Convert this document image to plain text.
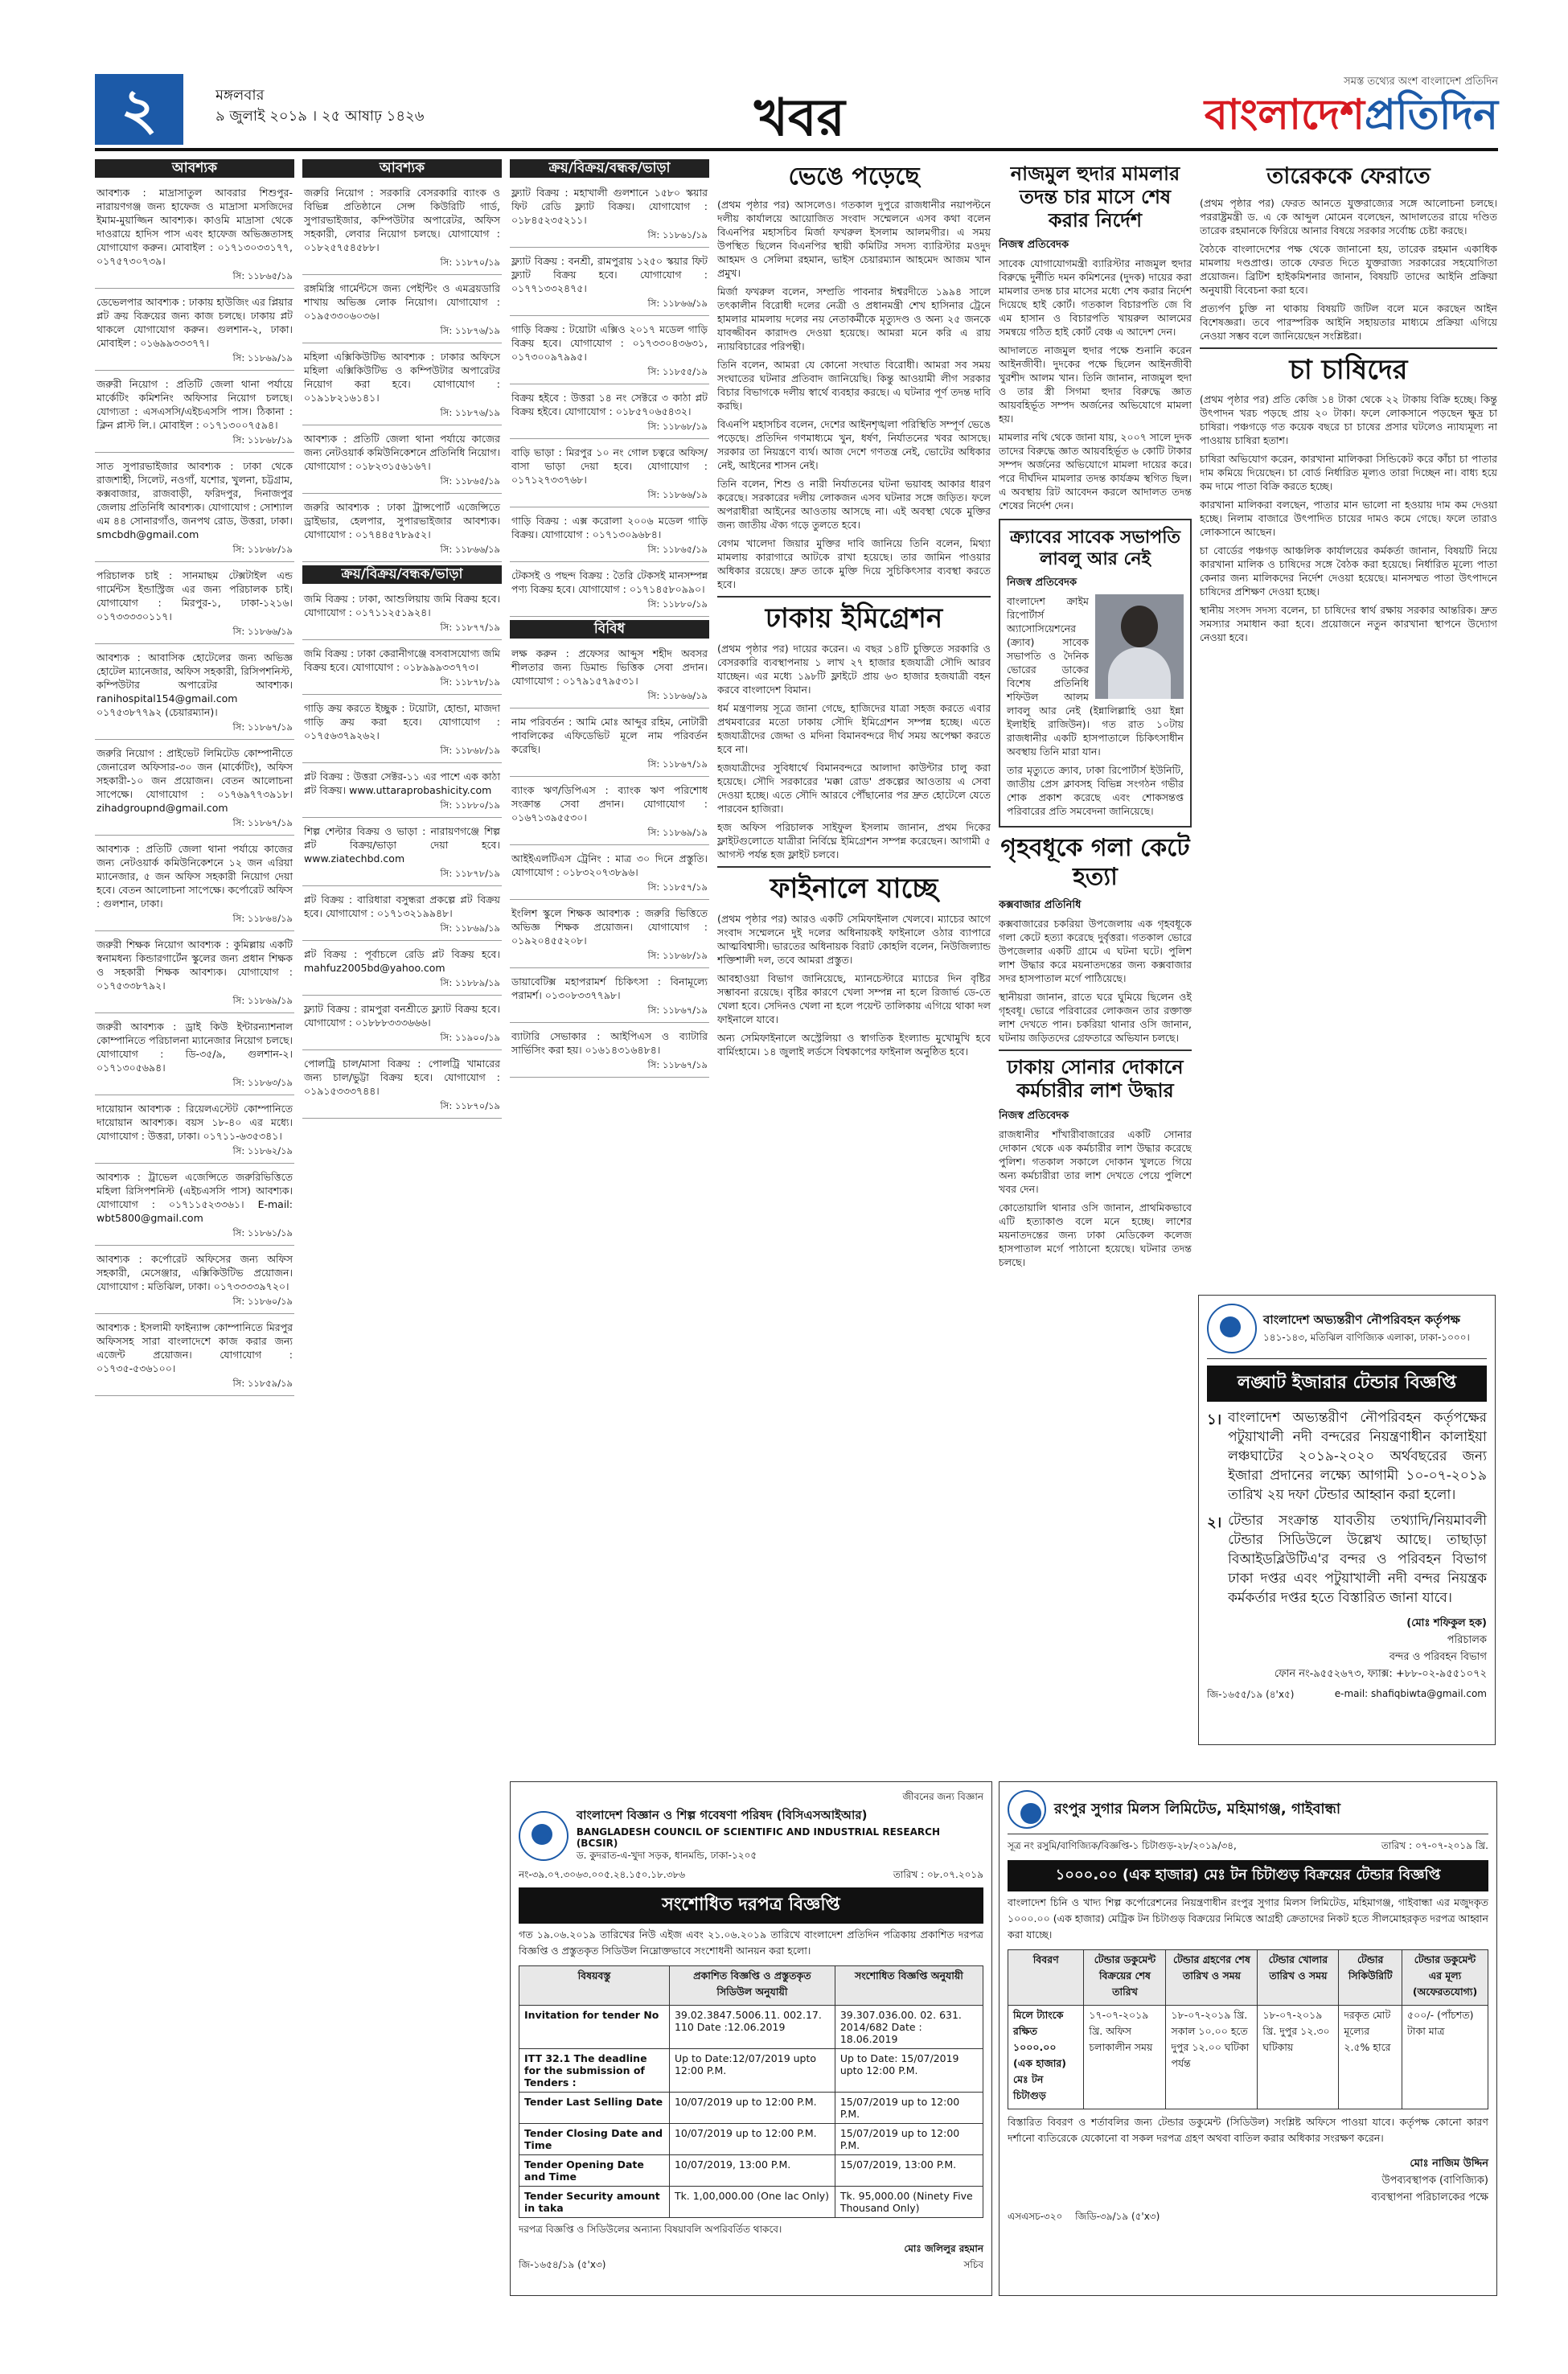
২	মঙ্গলবার
৯ জুলাই ২০১৯ । ২৫ আষাঢ় ১৪২৬	খবর
সমস্ত তথ্যের অংশ বাংলাদেশ প্রতিদিন
বাংলাদেশপ্রতিদিন
আবশ্যক

আবশ্যক : মাদ্রাসাতুল আবরার শিশুপুর-নারায়ণগঞ্জ জন্য হাফেজ ও মাদ্রাসা মসজিদের ইমাম-মুয়াজ্জিন আবশ্যক। কাওমি মাদ্রাসা থেকে দাওরায়ে হাদিস পাস এবং হাফেজ অভিজ্ঞতাসহ যোগাযোগ করুন। মোবাইল : ০১৭১৩০৩৩১৭৭, ০১৭৫৭৩০৭৩৯।

সি: ১১৮৬৫/১৯

ডেভেলপার আবশ্যক : ঢাকায় হাউজিং এর প্লিয়ার প্লট ক্রয় বিক্রয়ের জন্য কাজ চলছে। ঢাকায় প্লট থাকলে যোগাযোগ করুন। গুলশান-২, ঢাকা। মোবাইল : ০১৬৯৯৩৩৩৭৭।

সি: ১১৮৬৯/১৯

জরুরী নিয়োগ : প্রতিটি জেলা থানা পর্যায়ে মার্কেটিং কমিশনিং অফিসার নিয়োগ চলছে। যোগ্যতা : এসএসসি/এইচএসসি পাস। ঠিকানা : ক্লিন প্লাস্ট লি.। মোবাইল : ০১৭১৩০০৭৫৯৪।

সি: ১১৮৬৮/১৯

সাত সুপারভাইজার আবশ্যক : ঢাকা থেকে রাজশাহী, সিলেট, নওগাঁ, যশোর, খুলনা, চট্টগ্রাম, কক্সবাজার, রাজবাড়ী, ফরিদপুর, দিনাজপুর জেলায় প্রতিনিধি আবশ্যক। যোগাযোগ : সোশ্যাল এম ৪৪ সোনারগাঁও, জনপথ রোড, উত্তরা, ঢাকা। smcbdh@gmail.com

সি: ১১৮৬৮/১৯

পরিচালক চাই : সানমাছম টেক্সটাইল এন্ড গার্মেন্টস ইন্ডাস্ট্রিজ এর জন্য পরিচালক চাই। যোগাযোগ : মিরপুর-১, ঢাকা-১২১৬। ০১৭৩৩৩৩০১১৭।

সি: ১১৮৬৬/১৯

আবশ্যক : আবাসিক হোটেলের জন্য অভিজ্ঞ হোটেল ম্যানেজার, অফিস সহকারী, রিসিপশনিস্ট, কম্পিউটার অপারেটর আবশ্যক। ranihospital154@gmail.com ০১৭৫৩৮৭৭৯২ (চেয়ারম্যান)।

সি: ১১৮৬৭/১৯

জরুরি নিয়োগ : প্রাইভেট লিমিটেড কোম্পানীতে জেনারেল অফিসার-৩০ জন (মার্কেটিং), অফিস সহকারী-১০ জন প্রয়োজন। বেতন আলোচনা সাপেক্ষে। যোগাযোগ : ০১৭৬৯৭৭৩৯১৮। zihadgroupnd@gmail.com

সি: ১১৮৬৭/১৯

আবশ্যক : প্রতিটি জেলা থানা পর্যায়ে কাজের জন্য নেটওয়ার্ক কমিউনিকেশনে ১২ জন এরিয়া ম্যানেজার, ৫ জন অফিস সহকারী নিয়োগ দেয়া হবে। বেতন আলোচনা সাপেক্ষে। কর্পোরেট অফিস : গুলশান, ঢাকা।

সি: ১১৮৬৪/১৯

জরুরী শিক্ষক নিয়োগ আবশ্যক : কুমিল্লায় একটি স্বনামধন্য কিন্ডারগার্টেন স্কুলের জন্য প্রধান শিক্ষক ও সহকারী শিক্ষক আবশ্যক। যোগাযোগ : ০১৭৫৩৩৮৭৯২।

সি: ১১৮৬৯/১৯

জরুরী আবশ্যক : ড্রাই কিউ ইন্টারন্যাশনাল কোম্পানিতে পরিচালনা ম্যানেজার নিয়োগ চলছে। যোগাযোগ : ডি-৩৫/৯, গুলশান-২। ০১৭১৩০৫৬৯৪।

সি: ১১৮৬৩/১৯

দায়োয়ান আবশ্যক : রিয়েলএস্টেট কোম্পানিতে দায়োয়ান আবশ্যক। বয়স ১৮-৪০ এর মধ্যে। যোগাযোগ : উত্তরা, ঢাকা। ০১৭১১-৬৩৫৩৪১।

সি: ১১৮৬২/১৯

আবশ্যক : ট্রাভেল এজেন্সিতে জরুরিভিত্তিতে মহিলা রিসিপশনিস্ট (এইচএসসি পাস) আবশ্যক। যোগাযোগ : ০১৭১১৫২৩৩৬১। E-mail: wbt5800@gmail.com

সি: ১১৮৬১/১৯

আবশ্যক : কর্পোরেট অফিসের জন্য অফিস সহকারী, মেসেঞ্জার, এক্সিকিউটিভ প্রয়োজন। যোগাযোগ : মতিঝিল, ঢাকা। ০১৭৩৩৩৩৯৭২০।

সি: ১১৮৬০/১৯

আবশ্যক : ইসলামী ফাইন্যান্স কোম্পানিতে মিরপুর অফিসসহ সারা বাংলাদেশে কাজ করার জন্য এজেন্ট প্রয়োজন। যোগাযোগ : ০১৭৩৫-৫৩৬১০০।

সি: ১১৮৫৯/১৯
আবশ্যক

জরুরি নিয়োগ : সরকারি বেসরকারি ব্যাংক ও বিভিন্ন প্রতিষ্ঠানে সেন্স কিউরিটি গার্ড, সুপারভাইজার, কম্পিউটার অপারেটর, অফিস সহকারী, লেবার নিয়োগ চলছে। যোগাযোগ : ০১৮২৫৭৫৪৫৮৮।

সি: ১১৮৭০/১৯

রঙ্গমিস্ত্রি গার্মেন্টসে জন্য পেইন্টিং ও এমব্রয়ডারি শাখায় অভিজ্ঞ লোক নিয়োগ। যোগাযোগ : ০১৯৫৩৩০৬০৩৬।

সি: ১১৮৭৬/১৯

মহিলা এক্সিকিউটিভ আবশ্যক : ঢাকার অফিসে মহিলা এক্সিকিউটিভ ও কম্পিউটার অপারেটর নিয়োগ করা হবে। যোগাযোগ : ০১৯১৮২১৬১৪১।

সি: ১১৮৭৬/১৯

আবশ্যক : প্রতিটি জেলা থানা পর্যায়ে কাজের জন্য নেটওয়ার্ক কমিউনিকেশনে প্রতিনিধি নিয়োগ। যোগাযোগ : ০১৮২৩১৫৬১৬৭।

সি: ১১৮৬৫/১৯

জরুরি আবশ্যক : ঢাকা ট্রান্সপোর্ট এজেন্সিতে ড্রাইভার, হেলপার, সুপারভাইজার আবশ্যক। যোগাযোগ : ০১৭৪৪৫৭৮৯৫২।

সি: ১১৮৬৬/১৯
ক্রয়/বিক্রয়/বন্ধক/ভাড়া

জমি বিক্রয় : ঢাকা, আশুলিয়ায় জমি বিক্রয় হবে। যোগাযোগ : ০১৭১১২৫১৯২৪।

সি: ১১৮৭৭/১৯

জমি বিক্রয় : ঢাকা কেরানীগঞ্জে বসবাসযোগ্য জমি বিক্রয় হবে। যোগাযোগ : ০১৮৯৯৯৩৩৭৭৩।

সি: ১১৮৭৮/১৯

গাড়ি ক্রয় করতে ইচ্ছুক : টয়োটা, হোন্ডা, মাজদা গাড়ি ক্রয় করা হবে। যোগাযোগ : ০১৭৫৬৩৭৯২৬২।

সি: ১১৮৬৮/১৯

প্লট বিক্রয় : উত্তরা সেক্টর-১১ এর পাশে এক কাঠা প্লট বিক্রয়। www.uttaraprobashicity.com

সি: ১১৮৮০/১৯

শিল্প শেল্টার বিক্রয় ও ভাড়া : নারায়ণগঞ্জে শিল্প প্লট বিক্রয়/ভাড়া দেয়া হবে। www.ziatechbd.com

সি: ১১৮৭৮/১৯

প্লট বিক্রয় : বারিধারা বসুন্ধরা প্রকল্পে প্লট বিক্রয় হবে। যোগাযোগ : ০১৭১৩২১৯৯৪৮।

সি: ১১৮৬৯/১৯

প্লট বিক্রয় : পূর্বাচলে রেডি প্লট বিক্রয় হবে। mahfuz2005bd@yahoo.com

সি: ১১৮৮৯/১৯

ফ্ল্যাট বিক্রয় : রামপুরা বনশ্রীতে ফ্ল্যাট বিক্রয় হবে। যোগাযোগ : ০১৮৮৮৩৩৩৬৬৬।

সি: ১১৯০০/১৯

পোলট্রি চাল/মাসা বিক্রয় : পোলট্রি খামারের জন্য চাল/ভুট্টা বিক্রয় হবে। যোগাযোগ : ০১৯১৫৩৩৩৭৪৪।

সি: ১১৮৭০/১৯
ক্রয়/বিক্রয়/বন্ধক/ভাড়া

ফ্ল্যাট বিক্রয় : মহাখালী গুলশানে ১৫৮০ স্কয়ার ফিট রেডি ফ্ল্যাট বিক্রয়। যোগাযোগ : ০১৮৪৫২৩৫২১১।

সি: ১১৮৬১/১৯

ফ্ল্যাট বিক্রয় : বনশ্রী, রামপুরায় ১২৫০ স্কয়ার ফিট ফ্ল্যাট বিক্রয় হবে। যোগাযোগ : ০১৭৭১৩৩২৪৭৫।

সি: ১১৮৬৬/১৯

গাড়ি বিক্রয় : টয়োটা এক্সিও ২০১৭ মডেল গাড়ি বিক্রয় হবে। যোগাযোগ : ০১৭৩৩০৪৩৬৩১, ০১৭৩০০৯৭৯৯৫।

সি: ১১৮৫৫/১৯

বিক্রয় হইবে : উত্তরা ১৪ নং সেক্টরে ৩ কাঠা প্লট বিক্রয় হইবে। যোগাযোগ : ০১৮৫৭০৬৫৪৩২।

সি: ১১৮৬৮/১৯

বাড়ি ভাড়া : মিরপুর ১০ নং গোল চত্বরে অফিস/বাসা ভাড়া দেয়া হবে। যোগাযোগ : ০১৭১২৭৩৩৭৬৮।

সি: ১১৮৬৬/১৯

গাড়ি বিক্রয় : এক্স করোলা ২০০৬ মডেল গাড়ি বিক্রয়। যোগাযোগ : ০১৭১৩০৯৬৮৪।

সি: ১১৮৬৫/১৯

টেকসই ও পছন্দ বিক্রয় : তৈরি টেকসই মানসম্পন্ন পণ্য বিক্রয় হবে। যোগাযোগ : ০১৭১৪৫৮০৯৯০।

সি: ১১৮৮০/১৯
বিবিধ

লক্ষ করুন : প্রফেসর আব্দুস শহীদ অবসর শীলতার জন্য ডিমান্ড ভিত্তিক সেবা প্রদান। যোগাযোগ : ০১৭৯১৫৭৯৫৩১।

সি: ১১৮৬৬/১৯

নাম পরিবর্তন : আমি মোঃ আব্দুর রহিম, নোটারী পাবলিকের এফিডেভিট মূলে নাম পরিবর্তন করেছি।

সি: ১১৮৬৭/১৯

ব্যাংক ঋণ/ডিপিএস : ব্যাংক ঋণ পরিশোধ সংক্রান্ত সেবা প্রদান। যোগাযোগ : ০১৬৭১৩৯৫৫৩০।

সি: ১১৮৬৯/১৯

আইইএলটিএস ট্রেনিং : মাত্র ৩০ দিনে প্রস্তুতি। যোগাযোগ : ০১৮৩২০৭৩৮৯৬।

সি: ১১৮৫৭/১৯

ইংলিশ স্কুলে শিক্ষক আবশ্যক : জরুরি ভিত্তিতে অভিজ্ঞ শিক্ষক প্রয়োজন। যোগাযোগ : ০১৯২০৪৫৫২০৮।

সি: ১১৮৬৮/১৯

ডায়াবেটিক্স মহাপরামর্শ চিকিৎসা : বিনামূল্যে পরামর্শ। ০১৩০৮৩৩৭৭৯৮।

সি: ১১৮৬৭/১৯

ব্যাটারি সেভাকার : আইপিএস ও ব্যাটারি সার্ভিসিং করা হয়। ০১৬১৪৩১৬৪৮৪।

সি: ১১৮৬৭/১৯
ভেঙে পড়েছে

(প্রথম পৃষ্ঠার পর) আসলেও। গতকাল দুপুরে রাজধানীর নয়াপল্টনে দলীয় কার্যালয়ে আয়োজিত সংবাদ সম্মেলনে এসব কথা বলেন বিএনপির মহাসচিব মির্জা ফখরুল ইসলাম আলমগীর। এ সময় উপস্থিত ছিলেন বিএনপির স্থায়ী কমিটির সদস্য ব্যারিস্টার মওদুদ আহমদ ও সেলিমা রহমান, ভাইস চেয়ারম্যান আহমেদ আজম খান প্রমুখ।

মির্জা ফখরুল বলেন, সম্প্রতি পাবনার ঈশ্বরদীতে ১৯৯৪ সালে তৎকালীন বিরোধী দলের নেত্রী ও প্রধানমন্ত্রী শেখ হাসিনার ট্রেনে হামলার মামলায় দলের নয় নেতাকর্মীকে মৃত্যুদণ্ড ও অন্য ২৫ জনকে যাবজ্জীবন কারাদণ্ড দেওয়া হয়েছে। আমরা মনে করি এ রায় ন্যায়বিচারের পরিপন্থী।

তিনি বলেন, আমরা যে কোনো সংঘাত বিরোধী। আমরা সব সময় সংঘাতের ঘটনার প্রতিবাদ জানিয়েছি। কিন্তু আওয়ামী লীগ সরকার বিচার বিভাগকে দলীয় স্বার্থে ব্যবহার করছে। এ ঘটনার পূর্ণ তদন্ত দাবি করছি।

বিএনপি মহাসচিব বলেন, দেশের আইনশৃঙ্খলা পরিস্থিতি সম্পূর্ণ ভেঙে পড়েছে। প্রতিদিন গণমাধ্যমে খুন, ধর্ষণ, নির্যাতনের খবর আসছে। সরকার তা নিয়ন্ত্রণে ব্যর্থ। আজ দেশে গণতন্ত্র নেই, ভোটের অধিকার নেই, আইনের শাসন নেই।

তিনি বলেন, শিশু ও নারী নির্যাতনের ঘটনা ভয়াবহ আকার ধারণ করেছে। সরকারের দলীয় লোকজন এসব ঘটনার সঙ্গে জড়িত। ফলে অপরাধীরা আইনের আওতায় আসছে না। এই অবস্থা থেকে মুক্তির জন্য জাতীয় ঐক্য গড়ে তুলতে হবে।

বেগম খালেদা জিয়ার মুক্তির দাবি জানিয়ে তিনি বলেন, মিথ্যা মামলায় কারাগারে আটকে রাখা হয়েছে। তার জামিন পাওয়ার অধিকার রয়েছে। দ্রুত তাকে মুক্তি দিয়ে সুচিকিৎসার ব্যবস্থা করতে হবে।

ঢাকায় ইমিগ্রেশন

(প্রথম পৃষ্ঠার পর) দায়ের করেন। এ বছর ১৪টি চুক্তিতে সরকারি ও বেসরকারি ব্যবস্থাপনায় ১ লাখ ২৭ হাজার হজযাত্রী সৌদি আরব যাচ্ছেন। এর মধ্যে ১৯৮টি ফ্লাইটে প্রায় ৬৩ হাজার হজযাত্রী বহন করবে বাংলাদেশ বিমান।

ধর্ম মন্ত্রণালয় সূত্রে জানা গেছে, হাজিদের যাত্রা সহজ করতে এবার প্রথমবারের মতো ঢাকায় সৌদি ইমিগ্রেশন সম্পন্ন হচ্ছে। এতে হজযাত্রীদের জেদ্দা ও মদিনা বিমানবন্দরে দীর্ঘ সময় অপেক্ষা করতে হবে না।

হজযাত্রীদের সুবিধার্থে বিমানবন্দরে আলাদা কাউন্টার চালু করা হয়েছে। সৌদি সরকারের 'মক্কা রোড' প্রকল্পের আওতায় এ সেবা দেওয়া হচ্ছে। এতে সৌদি আরবে পৌঁছানোর পর দ্রুত হোটেলে যেতে পারবেন হাজিরা।

হজ অফিস পরিচালক সাইফুল ইসলাম জানান, প্রথম দিকের ফ্লাইটগুলোতে যাত্রীরা নির্বিঘ্নে ইমিগ্রেশন সম্পন্ন করেছেন। আগামী ৫ আগস্ট পর্যন্ত হজ ফ্লাইট চলবে।

ফাইনালে যাচ্ছে

(প্রথম পৃষ্ঠার পর) আরও একটি সেমিফাইনাল খেলবে। ম্যাচের আগে সংবাদ সম্মেলনে দুই দলের অধিনায়কই ফাইনালে ওঠার ব্যাপারে আত্মবিশ্বাসী। ভারতের অধিনায়ক বিরাট কোহলি বলেন, নিউজিল্যান্ড শক্তিশালী দল, তবে আমরা প্রস্তুত।

আবহাওয়া বিভাগ জানিয়েছে, ম্যানচেস্টারে ম্যাচের দিন বৃষ্টির সম্ভাবনা রয়েছে। বৃষ্টির কারণে খেলা সম্পন্ন না হলে রিজার্ভ ডে-তে খেলা হবে। সেদিনও খেলা না হলে পয়েন্ট তালিকায় এগিয়ে থাকা দল ফাইনালে যাবে।

অন্য সেমিফাইনালে অস্ট্রেলিয়া ও স্বাগতিক ইংল্যান্ড মুখোমুখি হবে বার্মিংহামে। ১৪ জুলাই লর্ডসে বিশ্বকাপের ফাইনাল অনুষ্ঠিত হবে।

নাজমুল হুদার মামলার তদন্ত চার মাসে শেষ করার নির্দেশ
নিজস্ব প্রতিবেদক

সাবেক যোগাযোগমন্ত্রী ব্যারিস্টার নাজমুল হুদার বিরুদ্ধে দুর্নীতি দমন কমিশনের (দুদক) দায়ের করা মামলার তদন্ত চার মাসের মধ্যে শেষ করার নির্দেশ দিয়েছে হাই কোর্ট। গতকাল বিচারপতি জে বি এম হাসান ও বিচারপতি খায়রুল আলমের সমন্বয়ে গঠিত হাই কোর্ট বেঞ্চ এ আদেশ দেন।

আদালতে নাজমুল হুদার পক্ষে শুনানি করেন আইনজীবী। দুদকের পক্ষে ছিলেন আইনজীবী খুরশীদ আলম খান। তিনি জানান, নাজমুল হুদা ও তার স্ত্রী সিগমা হুদার বিরুদ্ধে জ্ঞাত আয়বহির্ভূত সম্পদ অর্জনের অভিযোগে মামলা হয়।

মামলার নথি থেকে জানা যায়, ২০০৭ সালে দুদক তাদের বিরুদ্ধে জ্ঞাত আয়বহির্ভূত ৬ কোটি টাকার সম্পদ অর্জনের অভিযোগে মামলা দায়ের করে। পরে দীর্ঘদিন মামলার তদন্ত কার্যক্রম স্থগিত ছিল। এ অবস্থায় রিট আবেদন করলে আদালত তদন্ত শেষের নির্দেশ দেন।

ক্র্যাবের সাবেক সভাপতি লাবলু আর নেই
নিজস্ব প্রতিবেদক

বাংলাদেশ ক্রাইম রিপোর্টার্স অ্যাসোসিয়েশনের (ক্র্যাব) সাবেক সভাপতি ও দৈনিক ভোরের ডাকের বিশেষ প্রতিনিধি শফিউল আলম লাবলু আর নেই (ইন্নালিল্লাহি ওয়া ইন্না ইলাইহি রাজিউন)। গত রাত ১০টায় রাজধানীর একটি হাসপাতালে চিকিৎসাধীন অবস্থায় তিনি মারা যান।

তার মৃত্যুতে ক্র্যাব, ঢাকা রিপোর্টার্স ইউনিটি, জাতীয় প্রেস ক্লাবসহ বিভিন্ন সংগঠন গভীর শোক প্রকাশ করেছে এবং শোকসন্তপ্ত পরিবারের প্রতি সমবেদনা জানিয়েছে।

গৃহবধূকে গলা কেটে হত্যা
কক্সবাজার প্রতিনিধি

কক্সবাজারের চকরিয়া উপজেলায় এক গৃহবধূকে গলা কেটে হত্যা করেছে দুর্বৃত্তরা। গতকাল ভোরে উপজেলার একটি গ্রামে এ ঘটনা ঘটে। পুলিশ লাশ উদ্ধার করে ময়নাতদন্তের জন্য কক্সবাজার সদর হাসপাতাল মর্গে পাঠিয়েছে।

স্থানীয়রা জানান, রাতে ঘরে ঘুমিয়ে ছিলেন ওই গৃহবধূ। ভোরে পরিবারের লোকজন তার রক্তাক্ত লাশ দেখতে পান। চকরিয়া থানার ওসি জানান, ঘটনায় জড়িতদের গ্রেফতারে অভিযান চলছে।

ঢাকায় সোনার দোকানে কর্মচারীর লাশ উদ্ধার
নিজস্ব প্রতিবেদক

রাজধানীর শাঁখারীবাজারের একটি সোনার দোকান থেকে এক কর্মচারীর লাশ উদ্ধার করেছে পুলিশ। গতকাল সকালে দোকান খুলতে গিয়ে অন্য কর্মচারীরা তার লাশ দেখতে পেয়ে পুলিশে খবর দেন।

কোতোয়ালি থানার ওসি জানান, প্রাথমিকভাবে এটি হত্যাকাণ্ড বলে মনে হচ্ছে। লাশের ময়নাতদন্তের জন্য ঢাকা মেডিকেল কলেজ হাসপাতাল মর্গে পাঠানো হয়েছে। ঘটনার তদন্ত চলছে।

তারেককে ফেরাতে

(প্রথম পৃষ্ঠার পর) ফেরত আনতে যুক্তরাজ্যের সঙ্গে আলোচনা চলছে। পররাষ্ট্রমন্ত্রী ড. এ কে আব্দুল মোমেন বলেছেন, আদালতের রায়ে দণ্ডিত তারেক রহমানকে ফিরিয়ে আনার বিষয়ে সরকার সর্বোচ্চ চেষ্টা করছে।

বৈঠকে বাংলাদেশের পক্ষ থেকে জানানো হয়, তারেক রহমান একাধিক মামলায় দণ্ডপ্রাপ্ত। তাকে ফেরত দিতে যুক্তরাজ্য সরকারের সহযোগিতা প্রয়োজন। ব্রিটিশ হাইকমিশনার জানান, বিষয়টি তাদের আইনি প্রক্রিয়া অনুযায়ী বিবেচনা করা হবে।

প্রত্যর্পণ চুক্তি না থাকায় বিষয়টি জটিল বলে মনে করছেন আইন বিশেষজ্ঞরা। তবে পারস্পরিক আইনি সহায়তার মাধ্যমে প্রক্রিয়া এগিয়ে নেওয়া সম্ভব বলে জানিয়েছেন সংশ্লিষ্টরা।

চা চাষিদের

(প্রথম পৃষ্ঠার পর) প্রতি কেজি ১৪ টাকা থেকে ২২ টাকায় বিক্রি হচ্ছে। কিন্তু উৎপাদন খরচ পড়ছে প্রায় ২০ টাকা। ফলে লোকসানে পড়ছেন ক্ষুদ্র চা চাষিরা। পঞ্চগড়ে গত কয়েক বছরে চা চাষের প্রসার ঘটলেও ন্যায্যমূল্য না পাওয়ায় চাষিরা হতাশ।

চাষিরা অভিযোগ করেন, কারখানা মালিকরা সিন্ডিকেট করে কাঁচা চা পাতার দাম কমিয়ে দিয়েছেন। চা বোর্ড নির্ধারিত মূল্যও তারা দিচ্ছেন না। বাধ্য হয়ে কম দামে পাতা বিক্রি করতে হচ্ছে।

কারখানা মালিকরা বলছেন, পাতার মান ভালো না হওয়ায় দাম কম দেওয়া হচ্ছে। নিলাম বাজারে উৎপাদিত চায়ের দামও কমে গেছে। ফলে তারাও লোকসানে আছেন।

চা বোর্ডের পঞ্চগড় আঞ্চলিক কার্যালয়ের কর্মকর্তা জানান, বিষয়টি নিয়ে কারখানা মালিক ও চাষিদের সঙ্গে বৈঠক করা হয়েছে। নির্ধারিত মূল্যে পাতা কেনার জন্য মালিকদের নির্দেশ দেওয়া হয়েছে। মানসম্মত পাতা উৎপাদনে চাষিদের প্রশিক্ষণ দেওয়া হচ্ছে।

স্থানীয় সংসদ সদস্য বলেন, চা চাষিদের স্বার্থ রক্ষায় সরকার আন্তরিক। দ্রুত সমস্যার সমাধান করা হবে। প্রয়োজনে নতুন কারখানা স্থাপনে উদ্যোগ নেওয়া হবে।

বাংলাদেশ অভ্যন্তরীণ নৌপরিবহন কর্তৃপক্ষ
১৪১-১৪৩, মতিঝিল বাণিজ্যিক এলাকা, ঢাকা-১০০০।
লঙ্ঘাট ইজারার টেন্ডার বিজ্ঞপ্তি
১। বাংলাদেশ অভ্যন্তরীণ নৌপরিবহন কর্তৃপক্ষের পটুয়াখালী নদী বন্দরের নিয়ন্ত্রণাধীন কালাইয়া লঞ্চঘাটের ২০১৯-২০২০ অর্থবছরের জন্য ইজারা প্রদানের লক্ষ্যে আগামী ১০-০৭-২০১৯ তারিখ ২য় দফা টেন্ডার আহ্বান করা হলো।
২। টেন্ডার সংক্রান্ত যাবতীয় তথ্যাদি/নিয়মাবলী টেন্ডার সিডিউলে উল্লেখ আছে। তাছাড়া বিআইডব্লিউটিএ'র বন্দর ও পরিবহন বিভাগ ঢাকা দপ্তর এবং পটুয়াখালী নদী বন্দর নিয়ন্ত্রক কর্মকর্তার দপ্তর হতে বিস্তারিত জানা যাবে।
(মোঃ শফিকুল হক)
পরিচালক
বন্দর ও পরিবহন বিভাগ
ফোন নং-৯৫৫২৬৭৩, ফ্যাক্স: +৮৮-০২-৯৫৫১০৭২
জি-১৬৫৫/১৯ (৪'x৫)	e-mail: shafiqbiwta@gmail.com
জীবনের জন্য বিজ্ঞান
বাংলাদেশ বিজ্ঞান ও শিল্প গবেষণা পরিষদ (বিসিএসআইআর)
BANGLADESH COUNCIL OF SCIENTIFIC AND INDUSTRIAL RESEARCH (BCSIR)
ড. কুদরাত-এ-খুদা সড়ক, ধানমন্ডি, ঢাকা-১২০৫
নং-৩৯.০৭.৩০৬৩.০০৫.২৪.১৫০.১৮.৩৮৬	তারিখ : ০৮.০৭.২০১৯
সংশোধিত দরপত্র বিজ্ঞপ্তি
গত ১৯.০৬.২০১৯ তারিখের নিউ এইজ এবং ২১.০৬.২০১৯ তারিখে বাংলাদেশ প্রতিদিন পত্রিকায় প্রকাশিত দরপত্র বিজ্ঞপ্তি ও প্রস্তুতকৃত সিডিউল নিম্নোক্তভাবে সংশোধনী আনয়ন করা হলো।
বিষয়বস্তু	প্রকাশিত বিজ্ঞপ্তি ও প্রস্তুতকৃত সিডিউল অনুযায়ী	সংশোধিত বিজ্ঞপ্তি অনুযায়ী
Invitation for tender No	39.02.3847.5006.11. 002.17. 110 Date :12.06.2019	39.307.036.00. 02. 631. 2014/682 Date : 18.06.2019
ITT 32.1 The deadline for the submission of Tenders :	Up to Date:12/07/2019 upto 12:00 P.M.	Up to Date: 15/07/2019 upto 12:00 P.M.
Tender Last Selling Date	10/07/2019 up to 12:00 P.M.	15/07/2019 up to 12:00 P.M.
Tender Closing Date and Time	10/07/2019 up to 12:00 P.M.	15/07/2019 up to 12:00 P.M.
Tender Opening Date and Time	10/07/2019, 13:00 P.M.	15/07/2019, 13:00 P.M.
Tender Security amount in taka	Tk. 1,00,000.00 (One lac Only)	Tk. 95,000.00 (Ninety Five Thousand Only)
দরপত্র বিজ্ঞপ্তি ও সিডিউলের অন্যান্য বিষয়াবলি অপরিবর্তিত থাকবে।
জি-১৬৫৪/১৯ (৫'x৩)
মোঃ জলিলুর রহমান
সচিব
রংপুর সুগার মিলস লিমিটেড, মহিমাগঞ্জ, গাইবান্ধা
সূত্র নং রসুমি/বাণিজ্যিক/বিজ্ঞপ্তি-১ চিটাগুড়-২৮/২০১৯/৩৪,	তারিখ : ০৭-০৭-২০১৯ খ্রি.
১০০০.০০ (এক হাজার) মেঃ টন চিটাগুড় বিক্রয়ের টেন্ডার বিজ্ঞপ্তি
বাংলাদেশ চিনি ও খাদ্য শিল্প কর্পোরেশনের নিয়ন্ত্রণাধীন রংপুর সুগার মিলস লিমিটেড, মহিমাগঞ্জ, গাইবান্ধা এর মজুদকৃত ১০০০.০০ (এক হাজার) মেট্রিক টন চিটাগুড় বিক্রয়ের নিমিত্তে আগ্রহী ক্রেতাদের নিকট হতে সীলমোহরকৃত দরপত্র আহ্বান করা যাচ্ছে।
বিবরণ	টেন্ডার ডকুমেন্ট বিক্রয়ের শেষ তারিখ	টেন্ডার গ্রহণের শেষ তারিখ ও সময়	টেন্ডার খোলার তারিখ ও সময়	টেন্ডার সিকিউরিটি	টেন্ডার ডকুমেন্ট এর মূল্য (অফেরতযোগ্য)
মিলে ট্যাংকে রক্ষিত ১০০০.০০ (এক হাজার) মেঃ টন চিটাগুড়	১৭-০৭-২০১৯ খ্রি. অফিস চলাকালীন সময়	১৮-০৭-২০১৯ খ্রি. সকাল ১০.০০ হতে দুপুর ১২.০০ ঘটিকা পর্যন্ত	১৮-০৭-২০১৯ খ্রি. দুপুর ১২.৩০ ঘটিকায়	দরকৃত মোট মূল্যের ২.৫% হারে	৫০০/- (পাঁচশত) টাকা মাত্র
বিস্তারিত বিবরণ ও শর্তাবলির জন্য টেন্ডার ডকুমেন্ট (সিডিউল) সংশ্লিষ্ট অফিসে পাওয়া যাবে। কর্তৃপক্ষ কোনো কারণ দর্শানো ব্যতিরেকে যেকোনো বা সকল দরপত্র গ্রহণ অথবা বাতিল করার অধিকার সংরক্ষণ করেন।
মোঃ নাজিম উদ্দিন
উপব্যবস্থাপক (বাণিজ্যিক)
ব্যবস্থাপনা পরিচালকের পক্ষে
এসএসচ-৩২০ জিডি-৩৯/১৯ (৫'x৩)
